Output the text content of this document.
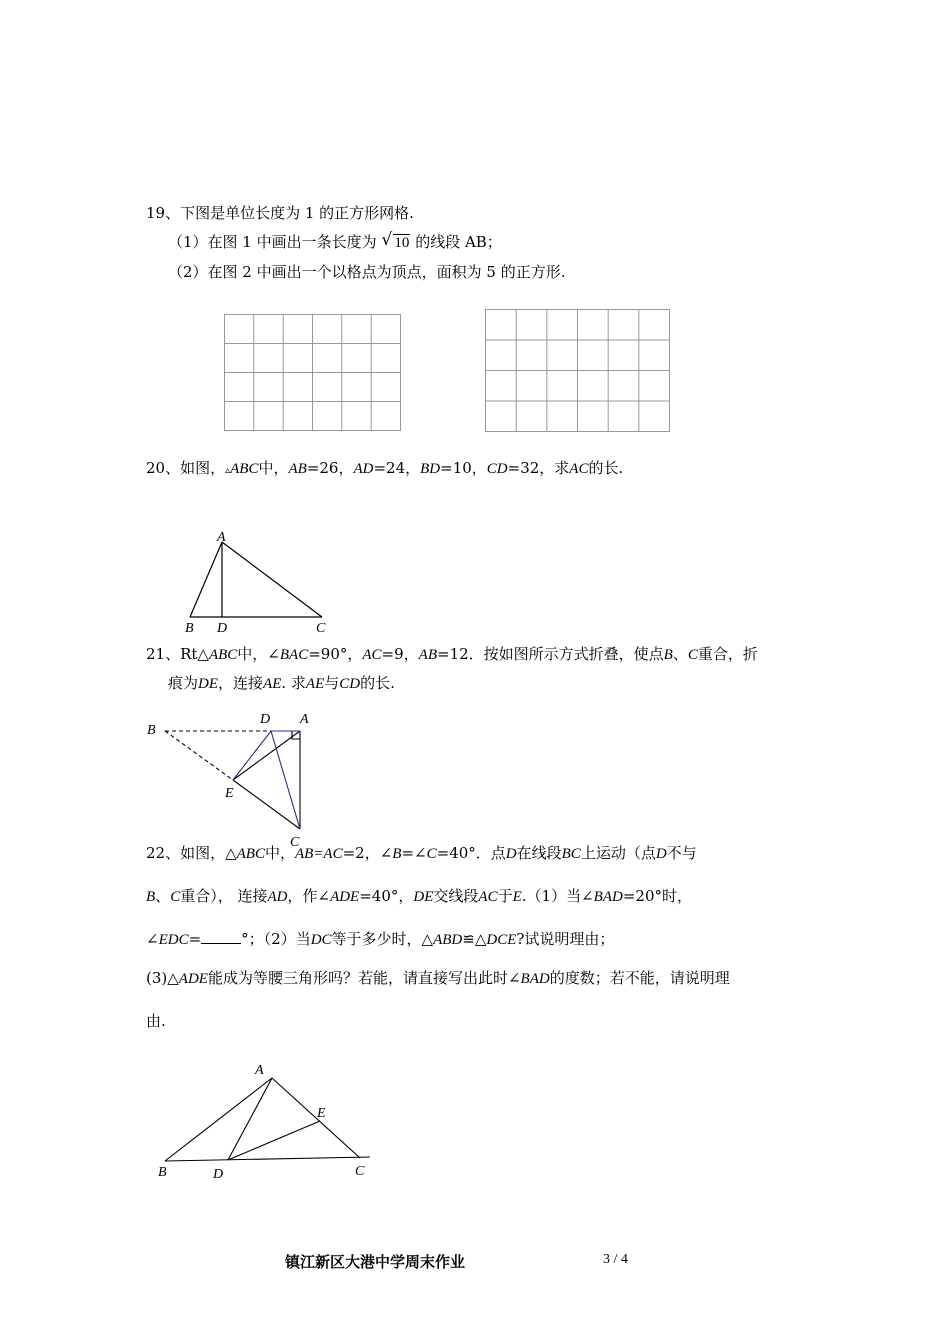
19、下图是单位长度为 1 的正方形网格.
（1）在图 1 中画出一条长度为 √ 10 的线段 AB；
（2）在图 2 中画出一个以格点为顶点，面积为 5 的正方形.
20、如图，▵ABC中，AB=26，AD=24，BD=10，CD=32，求AC的长.
A
B D	C
21、Rt△ABC中，∠BAC=90°，AC=9，AB=12．按如图所示方式折叠，使点B、C重合，折
痕为DE，连接AE. 求AE与CD的长.
B
D A
E
C
22、如图，△ABC中，AB=AC=2，∠B=∠C=40°．点D在线段BC上运动（点D不与
B、C重合）， 连接AD，作∠ADE=40°，DE交线段AC于E.（1）当∠BAD=20°时，
∠EDC=	°；（2）当DC等于多少时，△ABD≌△DCE?试说明理由；
(3)△ADE能成为等腰三角形吗？若能，请直接写出此时∠BAD的度数；若不能，请说明理
由.
A
E
B	D	C
镇江新区大港中学周末作业	3 / 4
